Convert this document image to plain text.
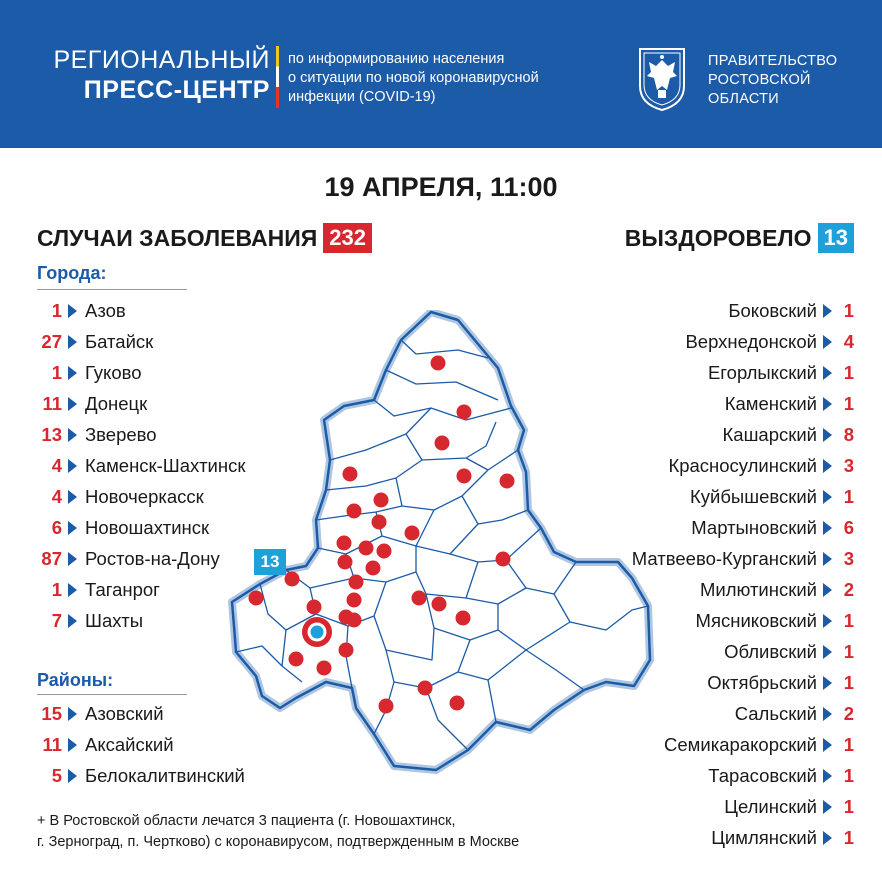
РЕГИОНАЛЬНЫЙ
ПРЕСС-ЦЕНТР
по информированию населения
о ситуации по новой коронавирусной
инфекции (COVID-19)
ПРАВИТЕЛЬСТВО
РОСТОВСКОЙ
ОБЛАСТИ
19 АПРЕЛЯ, 11:00
СЛУЧАИ ЗАБОЛЕВАНИЯ 232	ВЫЗДОРОВЕЛО 13
Города:
1 Азов
27 Батайск
1 Гуково
11 Донецк
13 Зверево
4 Каменск-Шахтинск
4 Новочеркасск
6 Новошахтинск
87 Ростов-на-Дону
1 Таганрог
7 Шахты
Районы:
15 Азовский
11 Аксайский
5 Белокалитвинский
Боковский 1
Верхнедонской 4
Егорлыкский 1
Каменский 1
Кашарский 8
Красносулинский 3
Куйбышевский 1
Мартыновский 6
Матвеево-Курганский 3
Милютинский 2
Мясниковский 1
Обливский 1
Октябрьский 1
Сальский 2
Семикаракорский 1
Тарасовский 1
Целинский 1
Цимлянский 1
13
+ В Ростовской области лечатся 3 пациента (г. Новошахтинск,
г. Зерноград, п. Чертково) с коронавирусом, подтвержденным в Москве
